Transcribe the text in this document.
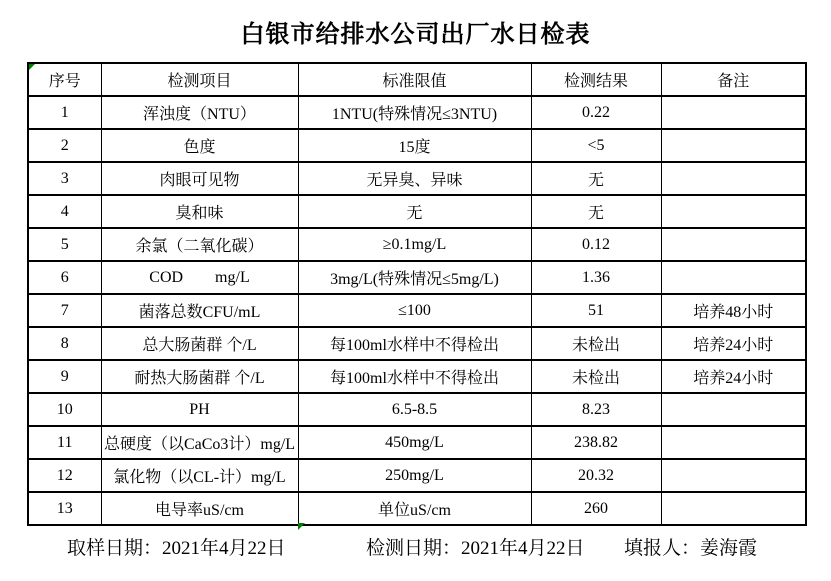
白银市给排水公司出厂水日检表
序号	检测项目	标准限值	检测结果	备注
1	浑浊度（NTU）	1NTU(特殊情况≤3NTU)	0.22	
2	色度	15度	<5	
3	肉眼可见物	无异臭、异味	无	
4	臭和味	无	无	
5	余氯（二氧化碳）	≥0.1mg/L	0.12	
6	COD        mg/L	3mg/L(特殊情况≤5mg/L)	1.36	
7	菌落总数CFU/mL	≤100	51	培养48小时
8	总大肠菌群 个/L	每100ml水样中不得检出	未检出	培养24小时
9	耐热大肠菌群 个/L	每100ml水样中不得检出	未检出	培养24小时
10	PH	6.5-8.5	8.23	
11	总硬度（以CaCo3计）mg/L	450mg/L	238.82	
12	氯化物（以CL-计）mg/L	250mg/L	20.32	
13	电导率uS/cm	单位uS/cm	260	
取样日期：2021年4月22日	检测日期：2021年4月22日 填报人：姜海霞
